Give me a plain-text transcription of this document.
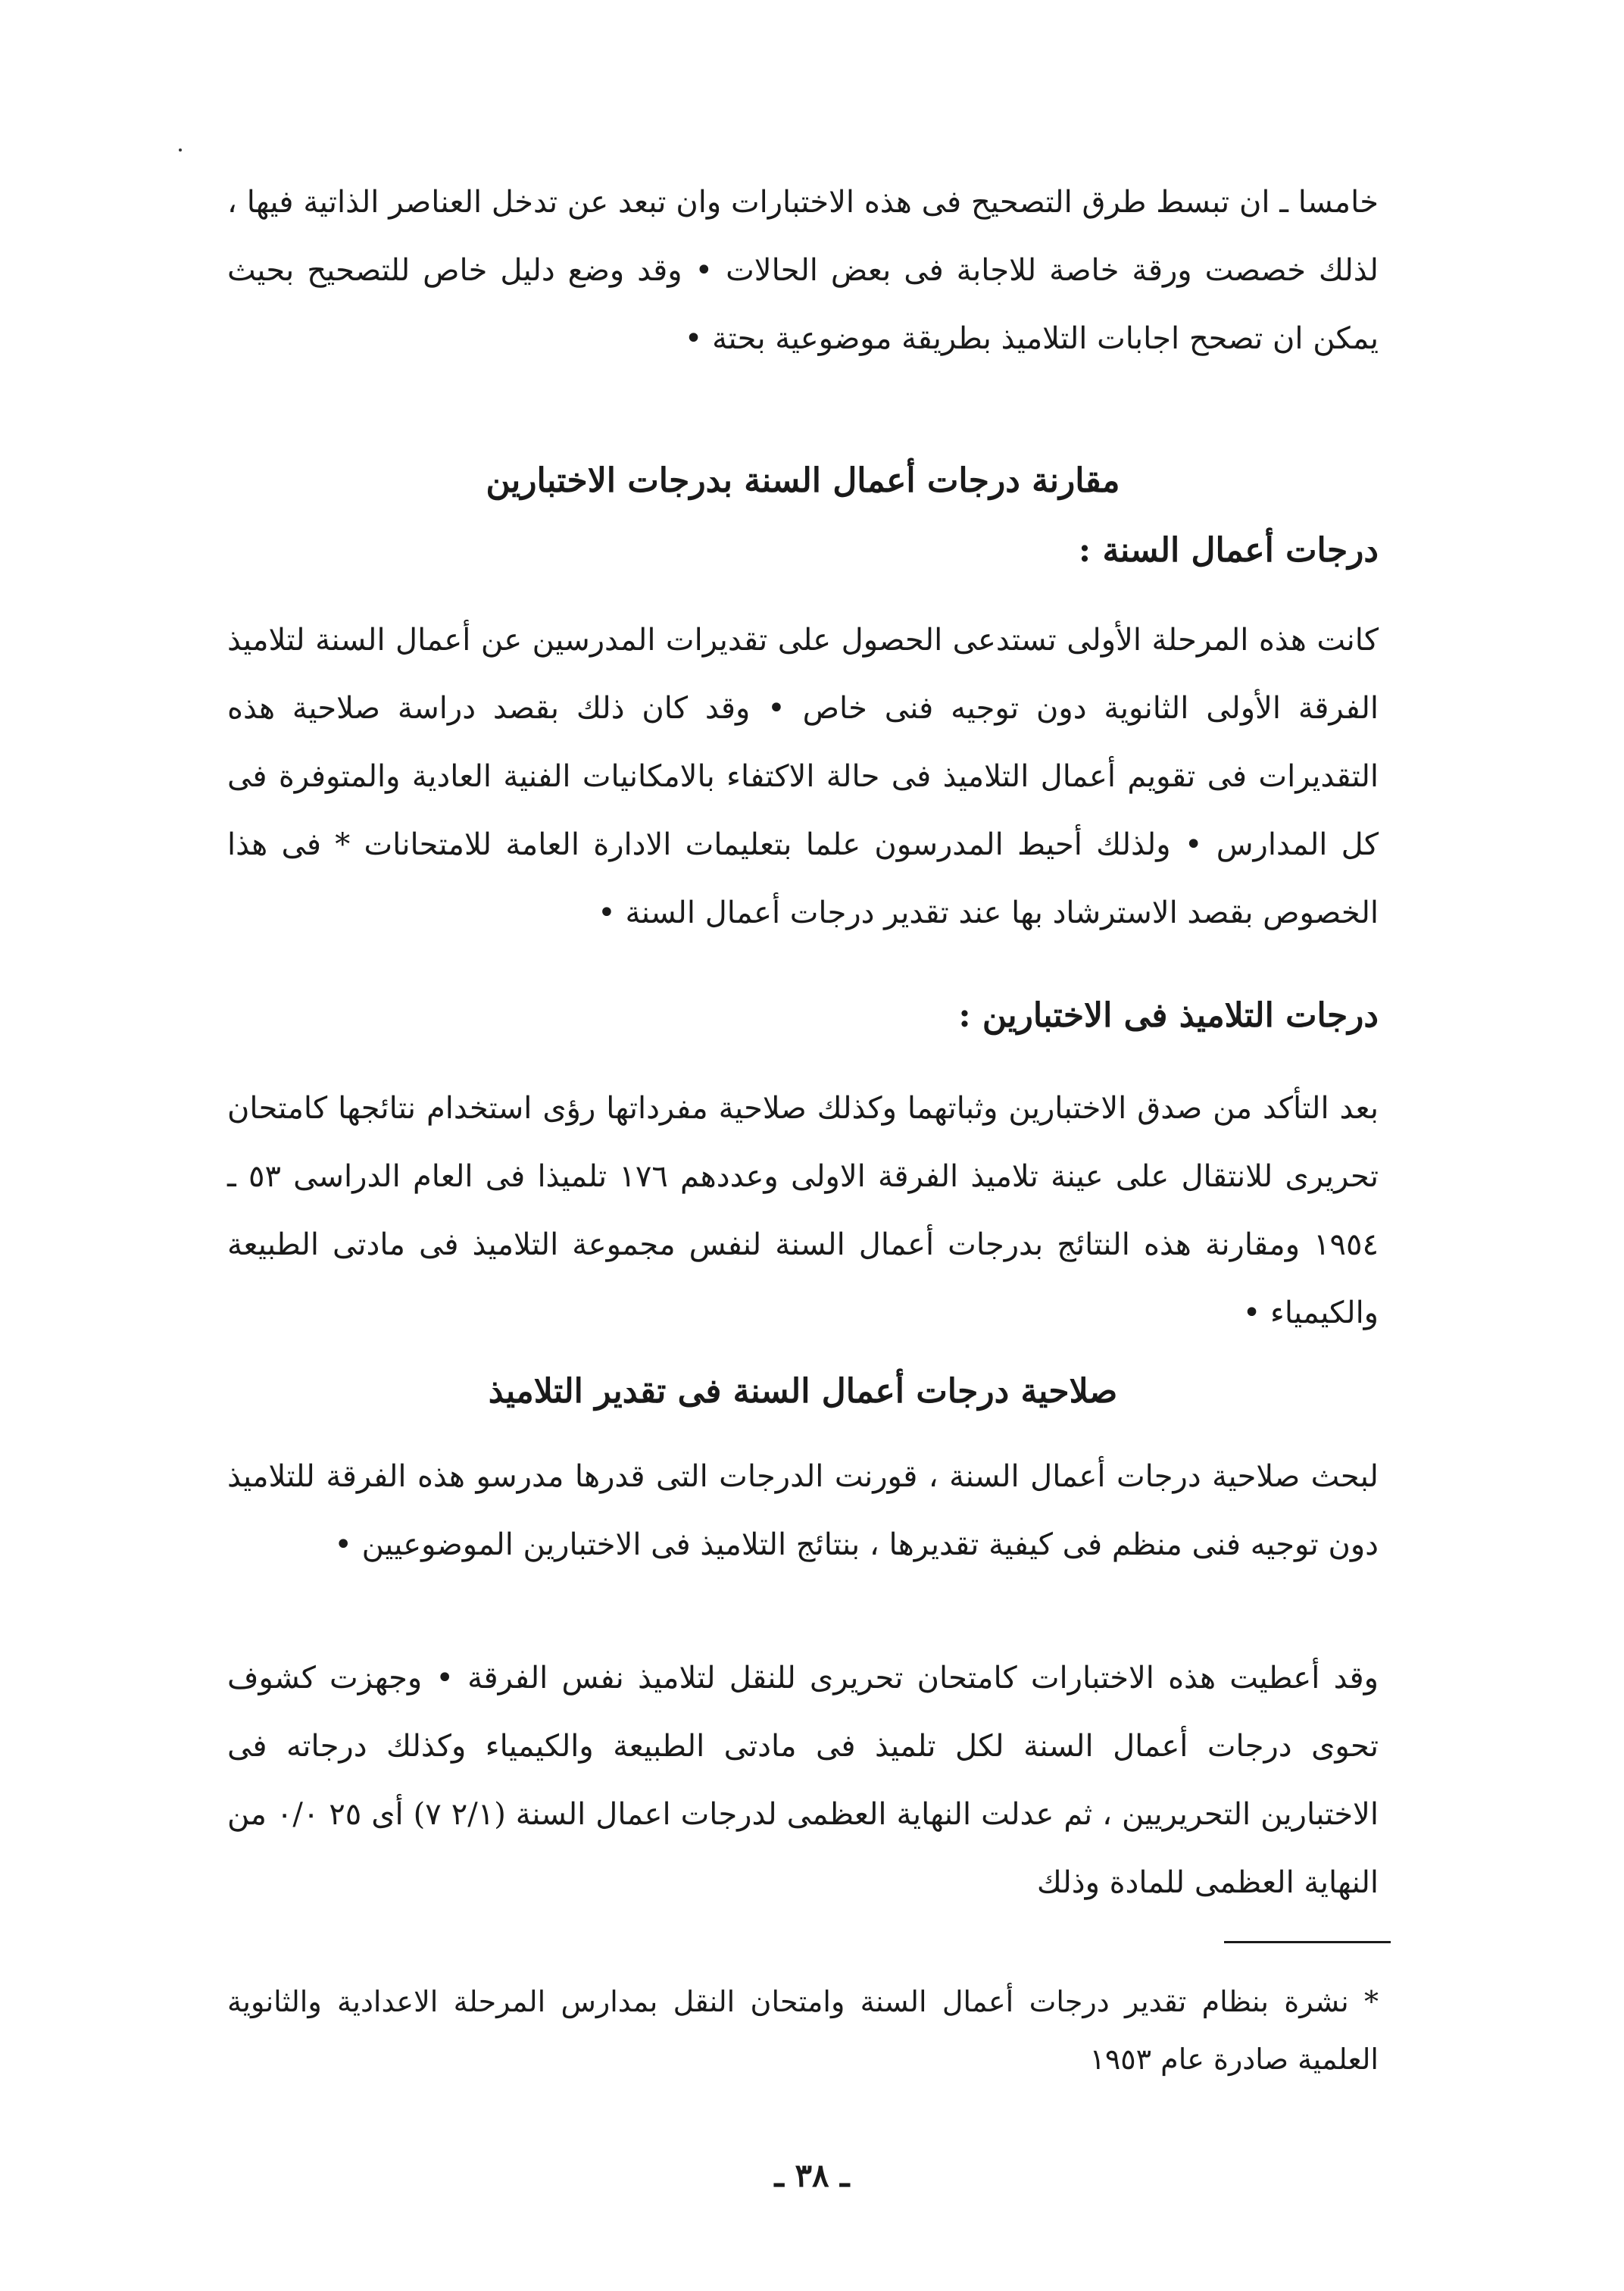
خامسا ـ ان تبسط طرق التصحيح فى هذه الاختبارات وان تبعد عن تدخل العناصر الذاتية فيها ، لذلك خصصت ورقة خاصة للاجابة فى بعض الحالات • وقد وضع دليل خاص للتصحيح بحيث يمكن ان تصحح اجابات التلاميذ بطريقة موضوعية بحتة •

مقارنة درجات أعمال السنة بدرجات الاختبارين
درجات أعمال السنة :

كانت هذه المرحلة الأولى تستدعى الحصول على تقديرات المدرسين عن أعمال السنة لتلاميذ الفرقة الأولى الثانوية دون توجيه فنى خاص • وقد كان ذلك بقصد دراسة صلاحية هذه التقديرات فى تقويم أعمال التلاميذ فى حالة الاكتفاء بالامكانيات الفنية العادية والمتوفرة فى كل المدارس • ولذلك أحيط المدرسون علما بتعليمات الادارة العامة للامتحانات * فى هذا الخصوص بقصد الاسترشاد بها عند تقدير درجات أعمال السنة •

درجات التلاميذ فى الاختبارين :

بعد التأكد من صدق الاختبارين وثباتهما وكذلك صلاحية مفرداتها رؤى استخدام نتائجها كامتحان تحريرى للانتقال على عينة تلاميذ الفرقة الاولى وعددهم ١٧٦ تلميذا فى العام الدراسى ٥٣ ـ ١٩٥٤ ومقارنة هذه النتائج بدرجات أعمال السنة لنفس مجموعة التلاميذ فى مادتى الطبيعة والكيمياء •

صلاحية درجات أعمال السنة فى تقدير التلاميذ

لبحث صلاحية درجات أعمال السنة ، قورنت الدرجات التى قدرها مدرسو هذه الفرقة للتلاميذ دون توجيه فنى منظم فى كيفية تقديرها ، بنتائج التلاميذ فى الاختبارين الموضوعيين •

وقد أعطيت هذه الاختبارات كامتحان تحريرى للنقل لتلاميذ نفس الفرقة • وجهزت كشوف تحوى درجات أعمال السنة لكل تلميذ فى مادتى الطبيعة والكيمياء وكذلك درجاته فى الاختبارين التحريريين ، ثم عدلت النهاية العظمى لدرجات اعمال السنة (٢/١ ٧) أى ٢٥ ٠/٠ من النهاية العظمى للمادة وذلك

* نشرة بنظام تقدير درجات أعمال السنة وامتحان النقل بمدارس المرحلة الاعدادية والثانوية العلمية صادرة عام ١٩٥٣

ـ ٣٨ ـ
